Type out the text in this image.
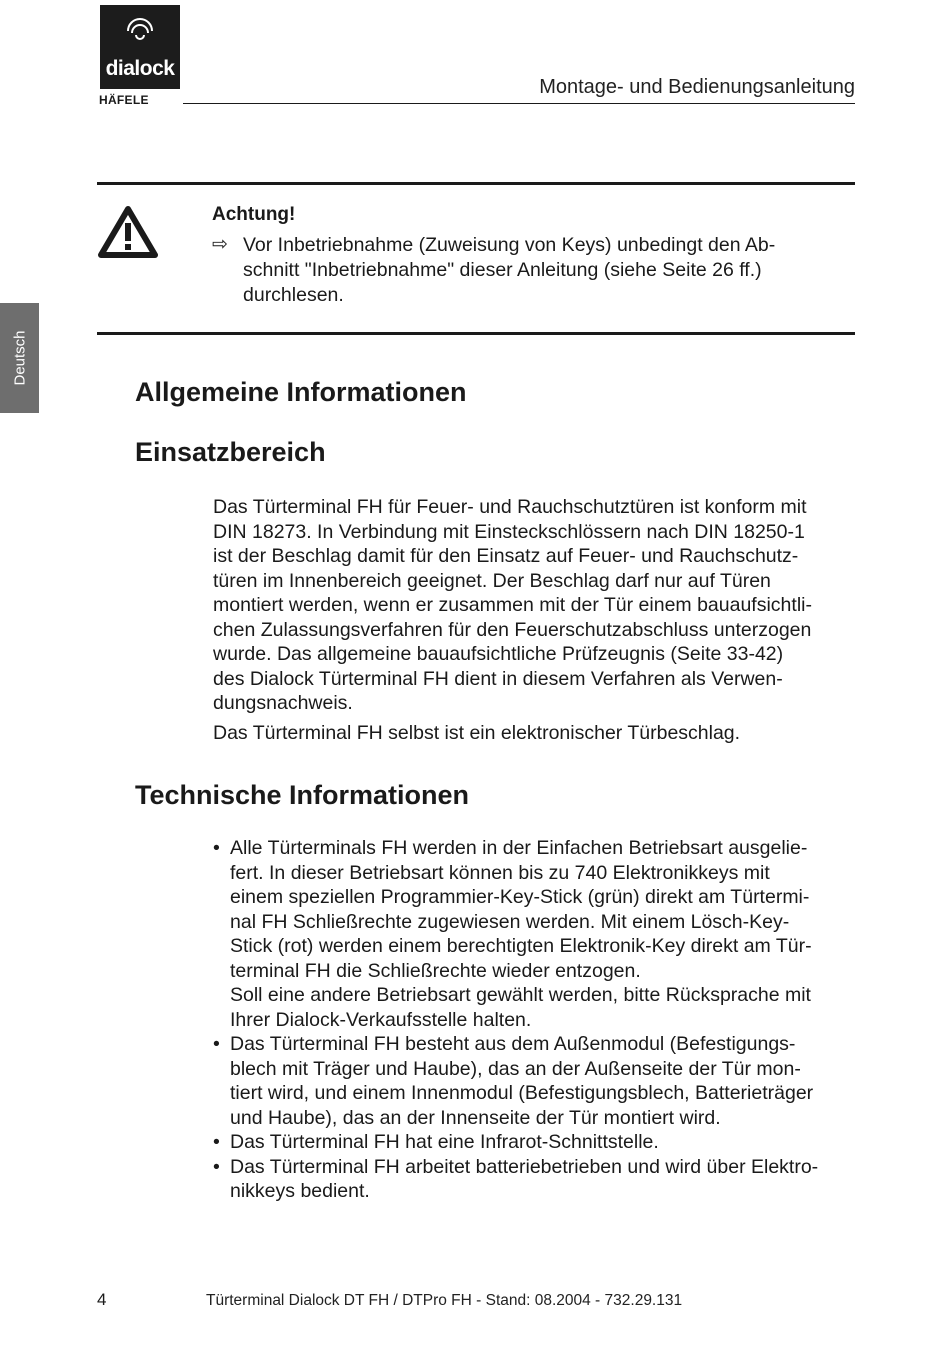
dialock
HÄFELE
Montage- und Bedienungsanleitung
Deutsch
Achtung!
⇨ Vor Inbetriebnahme (Zuweisung von Keys) unbedingt den Ab-
schnitt "Inbetriebnahme" dieser Anleitung (siehe Seite 26 ff.)
durchlesen.
Allgemeine Informationen
Einsatzbereich
Das Türterminal FH für Feuer- und Rauchschutztüren ist konform mit
DIN 18273. In Verbindung mit Einsteckschlössern nach DIN 18250-1
ist der Beschlag damit für den Einsatz auf Feuer- und Rauchschutz-
türen im Innenbereich geeignet. Der Beschlag darf nur auf Türen
montiert werden, wenn er zusammen mit der Tür einem bauaufsichtli-
chen Zulassungsverfahren für den Feuerschutzabschluss unterzogen
wurde. Das allgemeine bauaufsichtliche Prüfzeugnis (Seite 33-42)
des Dialock Türterminal FH dient in diesem Verfahren als Verwen-
dungsnachweis.
Das Türterminal FH selbst ist ein elektronischer Türbeschlag.
Technische Informationen
• Alle Türterminals FH werden in der Einfachen Betriebsart ausgelie-
fert. In dieser Betriebsart können bis zu 740 Elektronikkeys mit
einem speziellen Programmier-Key-Stick (grün) direkt am Türtermi-
nal FH Schließrechte zugewiesen werden. Mit einem Lösch-Key-
Stick (rot) werden einem berechtigten Elektronik-Key direkt am Tür-
terminal FH die Schließrechte wieder entzogen.
Soll eine andere Betriebsart gewählt werden, bitte Rücksprache mit
Ihrer Dialock-Verkaufsstelle halten.
• Das Türterminal FH besteht aus dem Außenmodul (Befestigungs-
blech mit Träger und Haube), das an der Außenseite der Tür mon-
tiert wird, und einem Innenmodul (Befestigungsblech, Batterieträger
und Haube), das an der Innenseite der Tür montiert wird.
• Das Türterminal FH hat eine Infrarot-Schnittstelle.
• Das Türterminal FH arbeitet batteriebetrieben und wird über Elektro-
nikkeys bedient.
4	Türterminal Dialock DT FH / DTPro FH - Stand: 08.2004 - 732.29.131
